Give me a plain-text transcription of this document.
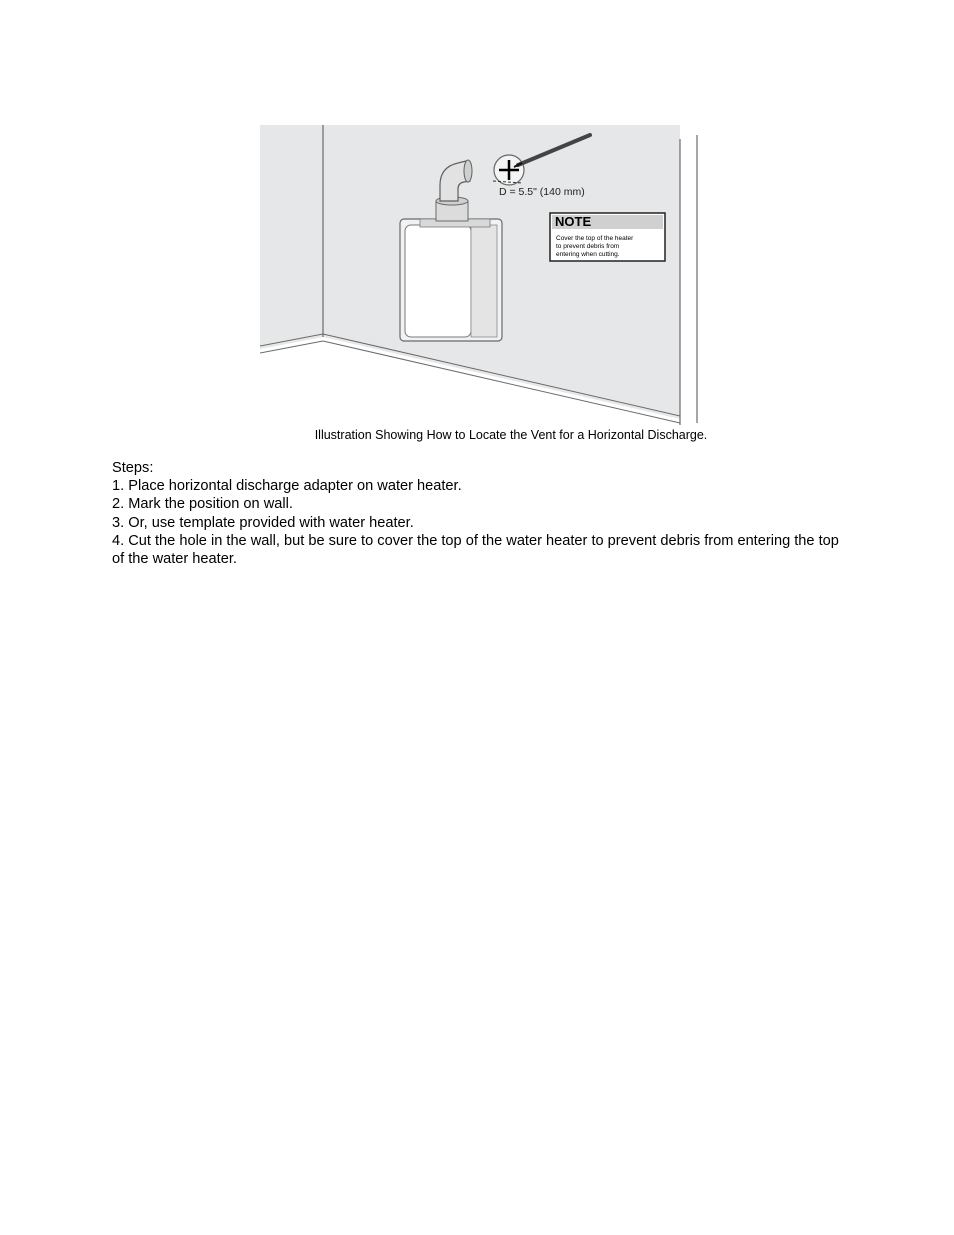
D = 5.5" (140 mm)
NOTE
Cover the top of the heater
to prevent debris from
entering when cutting.
Illustration Showing How to Locate the Vent for a Horizontal Discharge.

Steps:

1. Place horizontal discharge adapter on water heater.

2. Mark the position on wall.

3. Or, use template provided with water heater.

4. Cut the hole in the wall, but be sure to cover the top of the water heater to prevent debris from entering the top of the water heater.
